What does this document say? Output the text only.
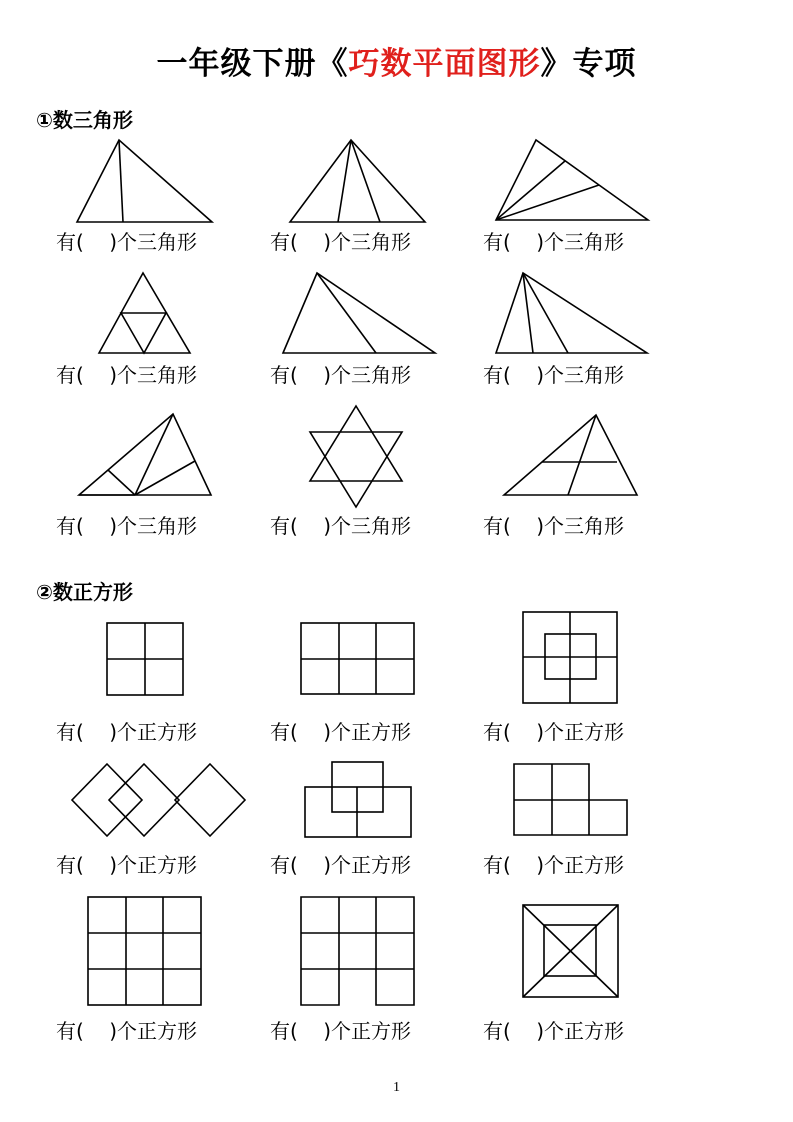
一年级下册《巧数平面图形》专项
①数三角形
有(    )个三角形	有(    )个三角形	有(    )个三角形
有(    )个三角形	有(    )个三角形	有(    )个三角形
有(    )个三角形	有(    )个三角形	有(    )个三角形
②数正方形
有(    )个正方形	有(    )个正方形	有(    )个正方形
有(    )个正方形	有(    )个正方形	有(    )个正方形
有(    )个正方形	有(    )个正方形	有(    )个正方形
1
